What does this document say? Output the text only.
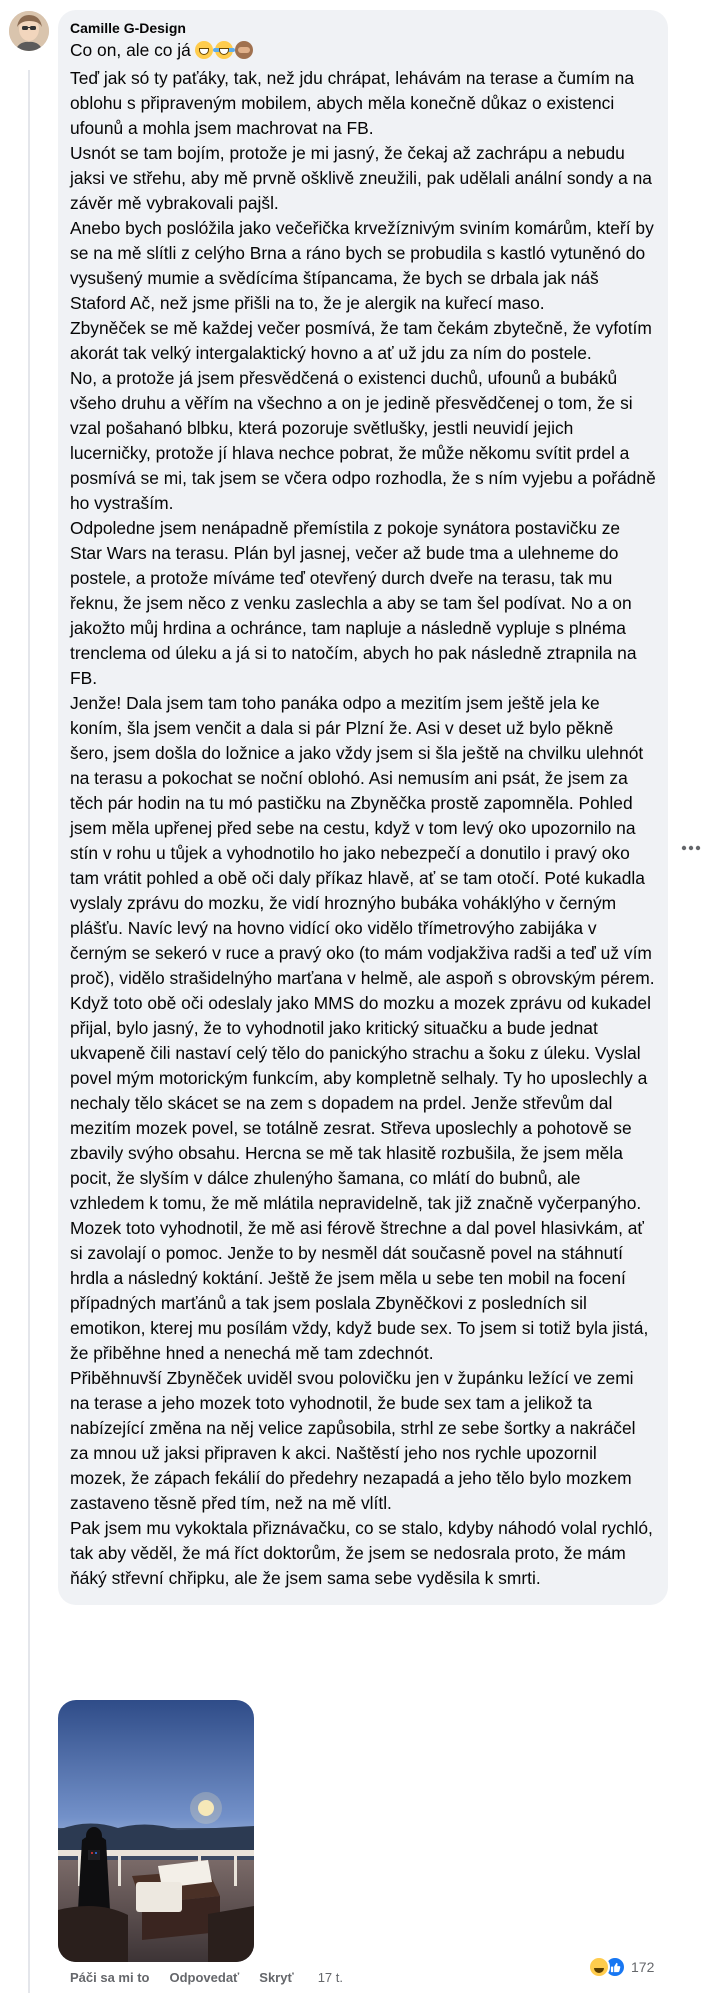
Camille G-Design
Co on, ale co já
Teď jak só ty paťáky, tak, než jdu chrápat, lehávám na terase a čumím na oblohu s připraveným mobilem, abych měla konečně důkaz o existenci ufounů a mohla jsem machrovat na FB.
Usnót se tam bojím, protože je mi jasný, že čekaj až zachrápu a nebudu jaksi ve střehu, aby mě prvně ošklivě zneužili, pak udělali anální sondy a na závěr mě vybrakovali pajšl.
Anebo bych poslóžila jako večeřička krvežíznivým sviním komárům, kteří by se na mě slítli z celýho Brna a ráno bych se probudila s kastló vytuněnó do vysušený mumie a svědícíma štípancama, že bych se drbala jak náš Staford Ač, než jsme přišli na to, že je alergik na kuřecí maso.
Zbyněček se mě každej večer posmívá, že tam čekám zbytečně, že vyfotím akorát tak velký intergalaktický hovno a ať už jdu za ním do postele.
No, a protože já jsem přesvědčená o existenci duchů, ufounů a bubáků všeho druhu a věřím na všechno a on je jedině přesvědčenej o tom, že si vzal pošahanó blbku, která pozoruje světlušky, jestli neuvidí jejich lucerničky, protože jí hlava nechce pobrat, že může někomu svítit prdel a posmívá se mi, tak jsem se včera odpo rozhodla, že s ním vyjebu a pořádně ho vystraším.
Odpoledne jsem nenápadně přemístila z pokoje synátora postavičku ze Star Wars na terasu. Plán byl jasnej, večer až bude tma a ulehneme do postele, a protože míváme teď otevřený durch dveře na terasu, tak mu řeknu, že jsem něco z venku zaslechla a aby se tam šel podívat. No a on jakožto můj hrdina a ochránce, tam napluje a následně vypluje s plnéma trenclema od úleku a já si to natočím, abych ho pak následně ztrapnila na FB.
Jenže! Dala jsem tam toho panáka odpo a mezitím jsem ještě jela ke koním, šla jsem venčit a dala si pár Plzní že. Asi v deset už bylo pěkně šero, jsem došla do ložnice a jako vždy jsem si šla ještě na chvilku ulehnót na terasu a pokochat se noční oblohó. Asi nemusím ani psát, že jsem za těch pár hodin na tu mó pastičku na Zbyněčka prostě zapomněla. Pohled jsem měla upřenej před sebe na cestu, když v tom levý oko upozornilo na stín v rohu u tůjek a vyhodnotilo ho jako nebezpečí a donutilo i pravý oko tam vrátit pohled a obě oči daly příkaz hlavě, ať se tam otočí. Poté kukadla vyslaly zprávu do mozku, že vidí hroznýho bubáka voháklýho v černým plášťu. Navíc levý na hovno vidící oko vidělo třímetrovýho zabijáka v černým se sekeró v ruce a pravý oko (to mám vodjakživa radši a teď už vím proč), vidělo strašidelnýho marťana v helmě, ale aspoň s obrovským pérem. Když toto obě oči odeslaly jako MMS do mozku a mozek zprávu od kukadel přijal, bylo jasný, že to vyhodnotil jako kritický situačku a bude jednat ukvapeně čili nastaví celý tělo do panickýho strachu a šoku z úleku. Vyslal povel mým motorickým funkcím, aby kompletně selhaly. Ty ho uposlechly a nechaly tělo skácet se na zem s dopadem na prdel. Jenže střevům dal mezitím mozek povel, se totálně zesrat. Střeva uposlechly a pohotově se zbavily svýho obsahu. Hercna se mě tak hlasitě rozbušila, že jsem měla pocit, že slyším v dálce zhulenýho šamana, co mlátí do bubnů, ale vzhledem k tomu, že mě mlátila nepravidelně, tak již značně vyčerpanýho. Mozek toto vyhodnotil, že mě asi férově štrechne a dal povel hlasivkám, ať si zavolají o pomoc. Jenže to by nesměl dát současně povel na stáhnutí hrdla a následný koktání. Ještě že jsem měla u sebe ten mobil na focení případných marťánů a tak jsem poslala Zbyněčkovi z posledních sil emotikon, kterej mu posílám vždy, když bude sex. To jsem si totiž byla jistá, že přiběhne hned a nenechá mě tam zdechnót.
Přiběhnuvší Zbyněček uviděl svou polovičku jen v župánku ležící ve zemi na terase a jeho mozek toto vyhodnotil, že bude sex tam a jelikož ta nabízející změna na něj velice zapůsobila, strhl ze sebe šortky a nakráčel za mnou už jaksi připraven k akci. Naštěstí jeho nos rychle upozornil mozek, že zápach fekálií do předehry nezapadá a jeho tělo bylo mozkem zastaveno těsně před tím, než na mě vlítl.
Pak jsem mu vykoktala přiznávačku, co se stalo, kdyby náhodó volal rychló, tak aby věděl, že má říct doktorům, že jsem se nedosrala proto, že mám ňáký střevní chřipku, ale že jsem sama sebe vyděsila k smrti.
Páči sa mi to Odpovedať Skryť 17 t.
172
